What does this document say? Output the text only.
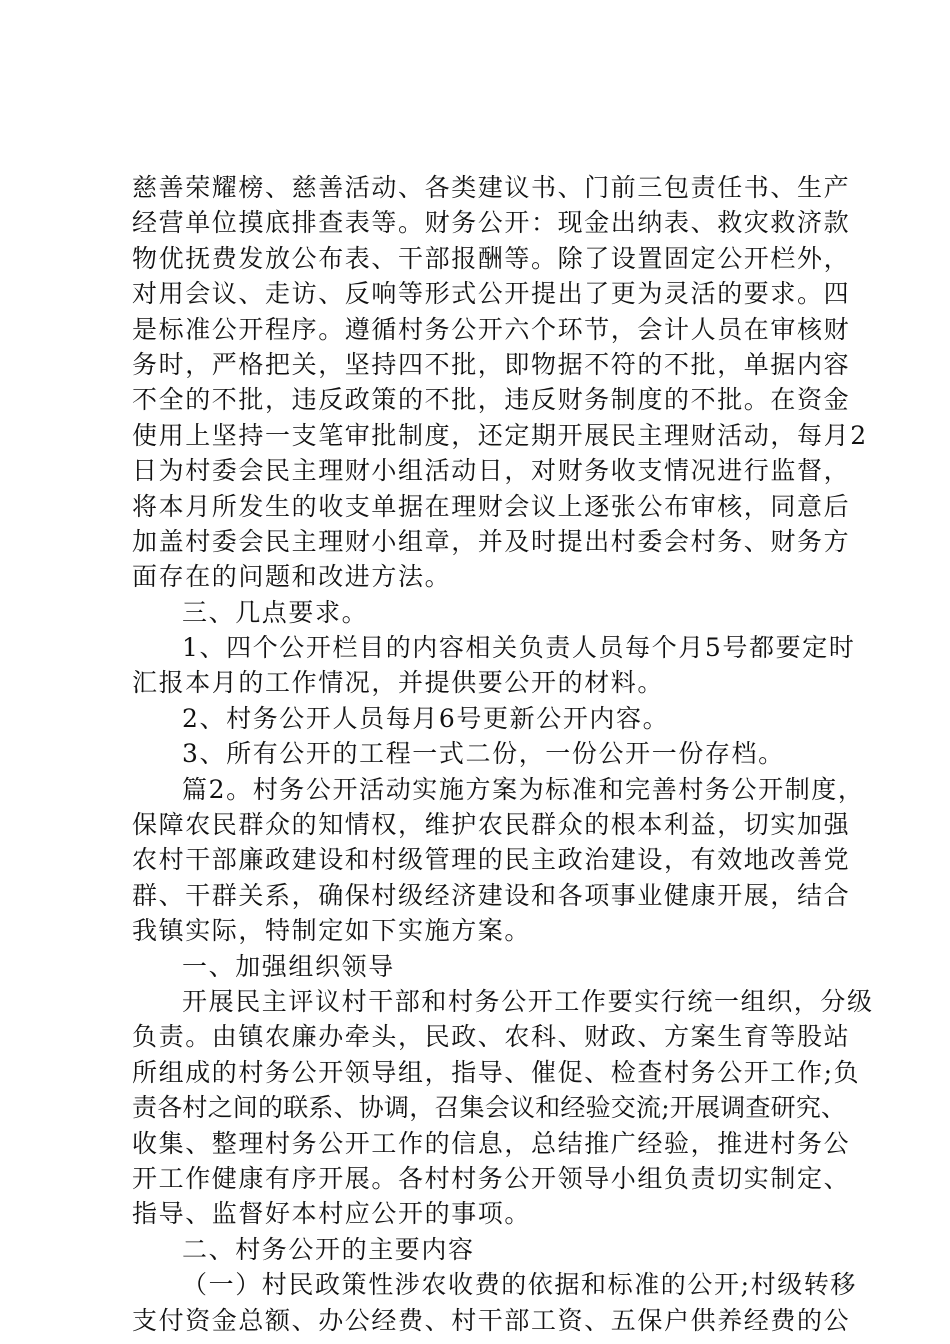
慈善荣耀榜、慈善活动、各类建议书、门前三包责任书、生产
经营单位摸底排查表等。财务公开：现金出纳表、救灾救济款
物优抚费发放公布表、干部报酬等。除了设置固定公开栏外，
对用会议、走访、反响等形式公开提出了更为灵活的要求。四
是标准公开程序。遵循村务公开六个环节，会计人员在审核财
务时，严格把关，坚持四不批，即物据不符的不批，单据内容
不全的不批，违反政策的不批，违反财务制度的不批。在资金
使用上坚持一支笔审批制度，还定期开展民主理财活动，每月2
日为村委会民主理财小组活动日，对财务收支情况进行监督，
将本月所发生的收支单据在理财会议上逐张公布审核，同意后
加盖村委会民主理财小组章，并及时提出村委会村务、财务方
面存在的问题和改进方法。
三、几点要求。
1、四个公开栏目的内容相关负责人员每个月5号都要定时
汇报本月的工作情况，并提供要公开的材料。
2、村务公开人员每月6号更新公开内容。
3、所有公开的工程一式二份，一份公开一份存档。
篇2。村务公开活动实施方案为标准和完善村务公开制度，
保障农民群众的知情权，维护农民群众的根本利益，切实加强
农村干部廉政建设和村级管理的民主政治建设，有效地改善党
群、干群关系，确保村级经济建设和各项事业健康开展，结合
我镇实际，特制定如下实施方案。
一、加强组织领导
开展民主评议村干部和村务公开工作要实行统一组织，分级
负责。由镇农廉办牵头，民政、农科、财政、方案生育等股站
所组成的村务公开领导组，指导、催促、检查村务公开工作;负
责各村之间的联系、协调，召集会议和经验交流;开展调查研究、
收集、整理村务公开工作的信息，总结推广经验，推进村务公
开工作健康有序开展。各村村务公开领导小组负责切实制定、
指导、监督好本村应公开的事项。
二、村务公开的主要内容
（一）村民政策性涉农收费的依据和标准的公开;村级转移
支付资金总额、办公经费、村干部工资、五保户供养经费的公
